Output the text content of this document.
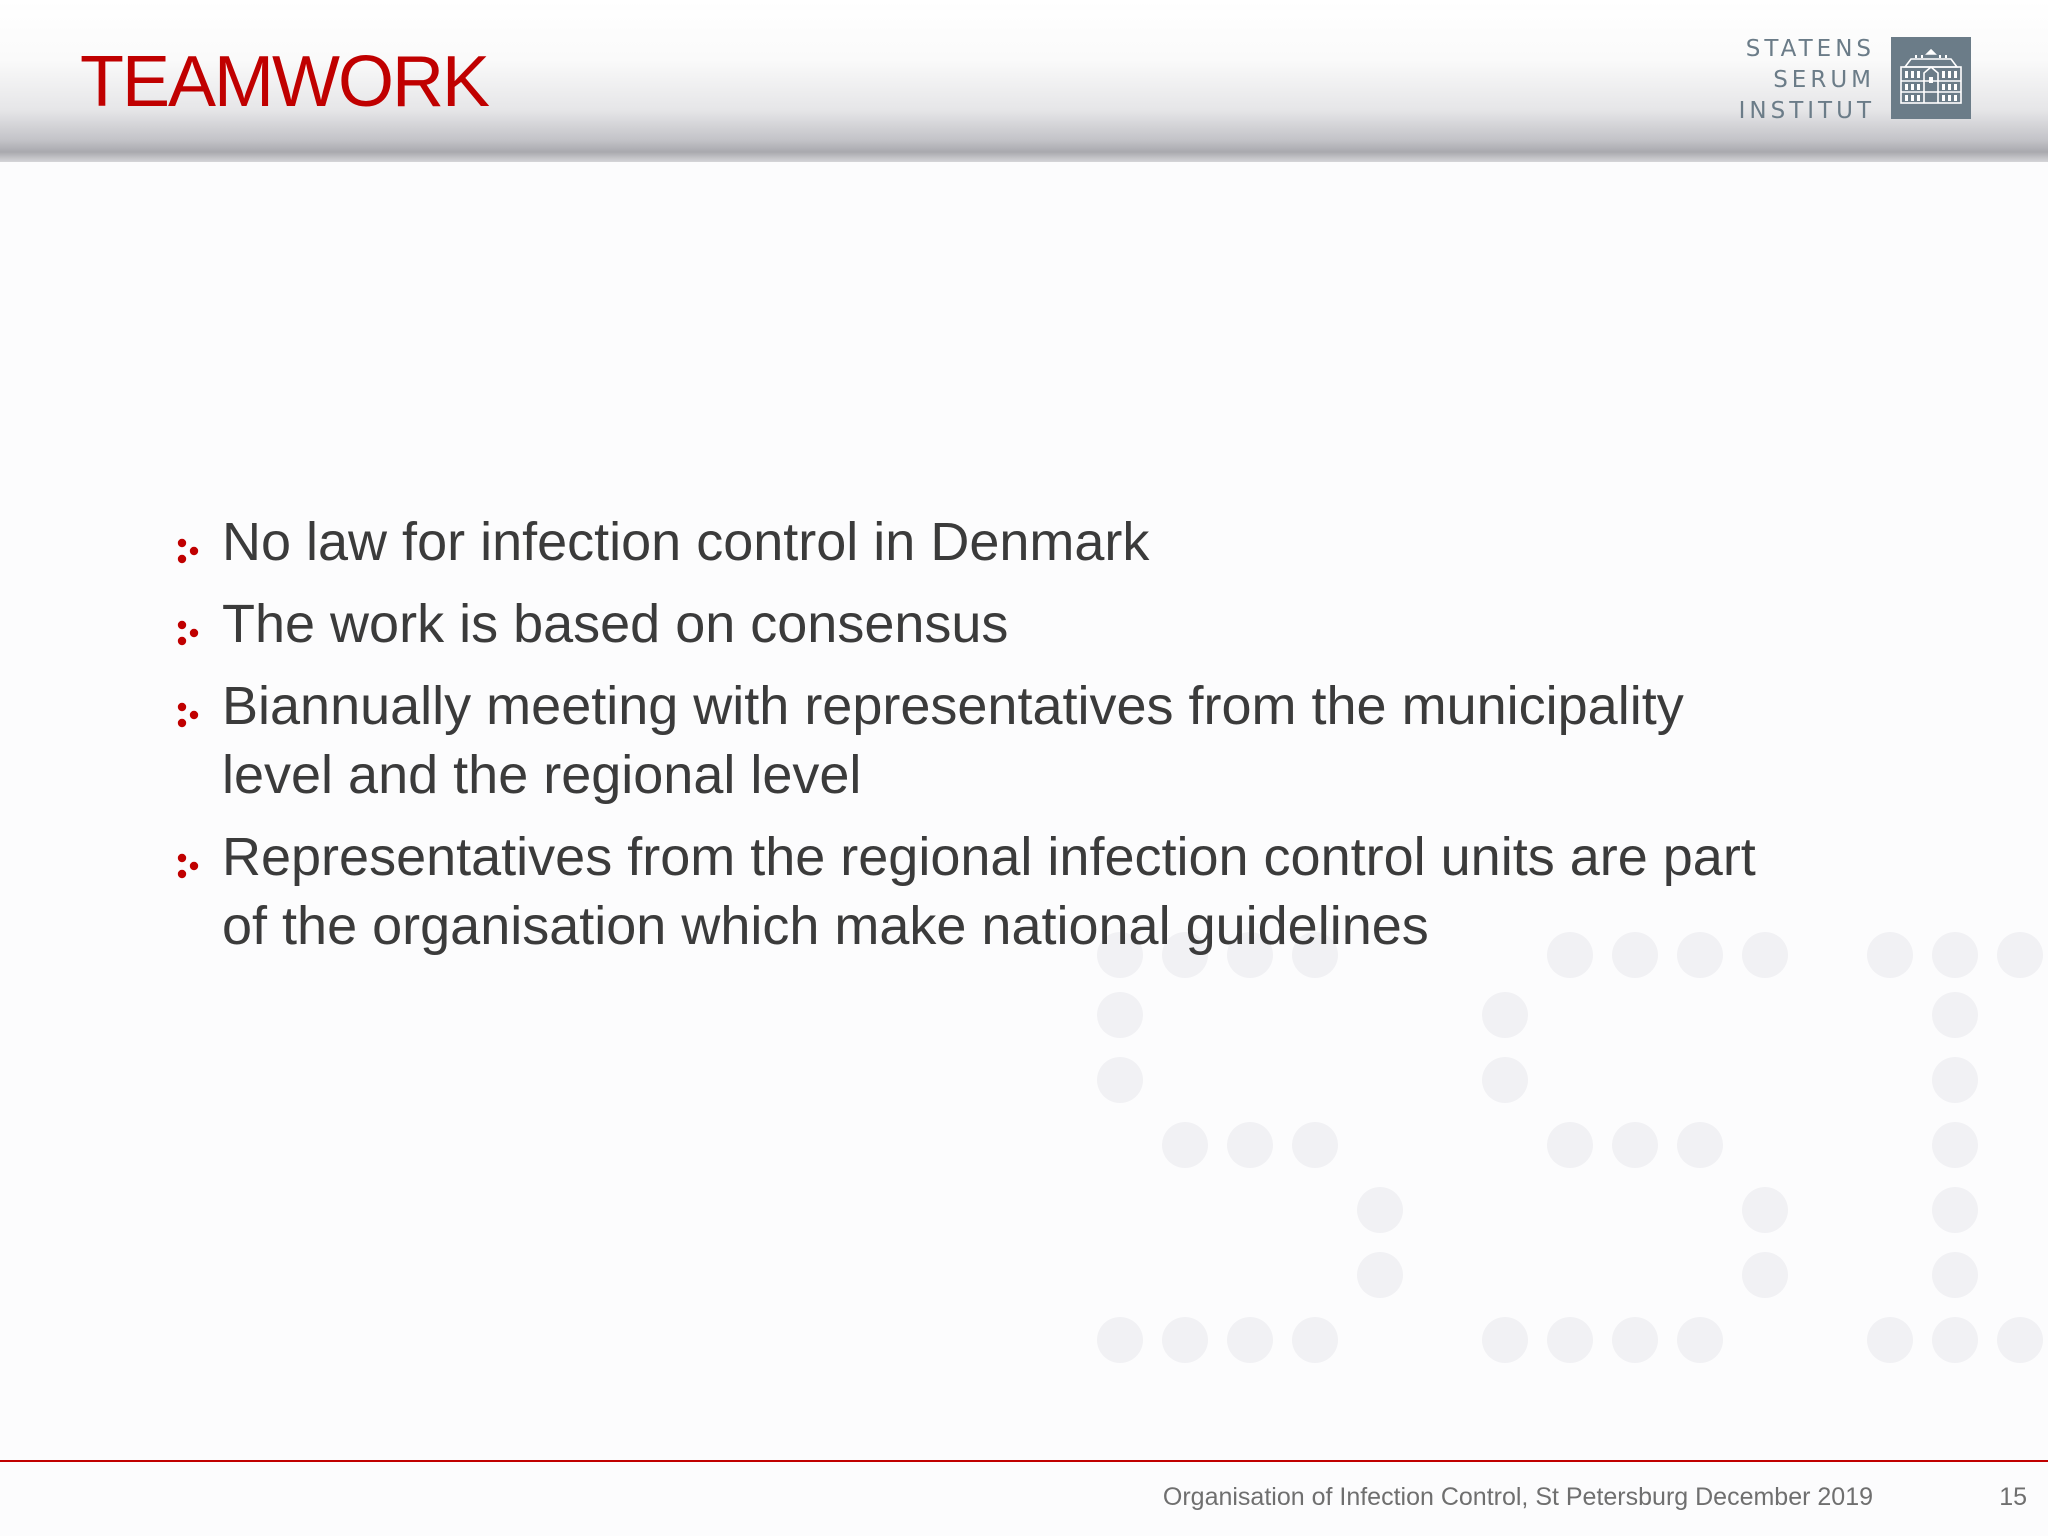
TEAMWORK	STATENS
SERUM
INSTITUT
No law for infection control in Denmark
The work is based on consensus
Biannually meeting with representatives from the municipality level and the regional level
Representatives from the regional infection control units are part of the organisation which make national guidelines
Organisation of Infection Control, St Petersburg December 2019	15
